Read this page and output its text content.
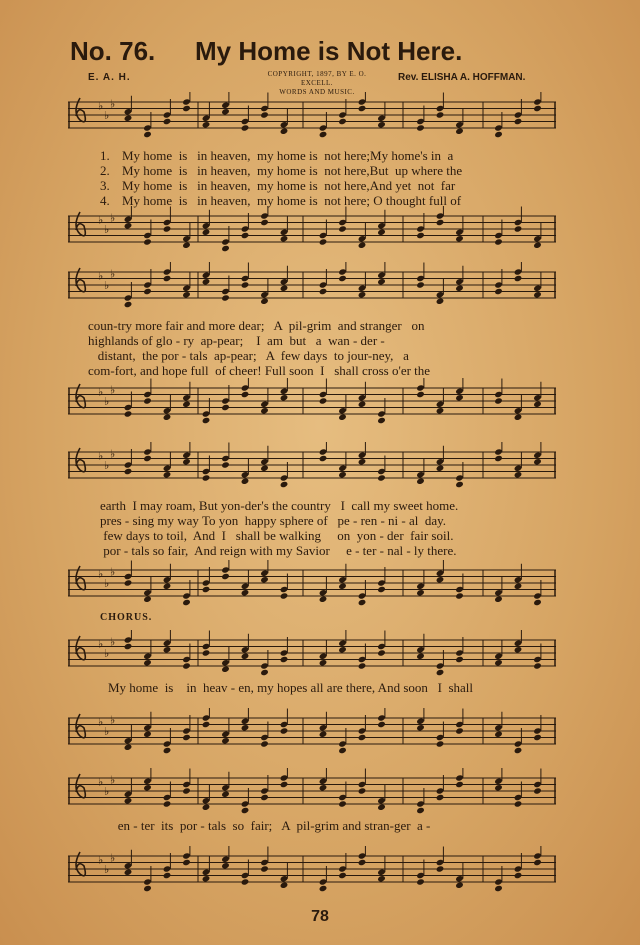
No. 76. My Home is Not Here.
E. A. H.	COPYRIGHT, 1897, BY E. O. EXCELL.
WORDS AND MUSIC.
Rev. ELISHA A. HOFFMAN.
♭
♭
♭
1. My home  is   in heaven,  my home is  not here;My home's in  a
2. My home  is   in heaven,  my home is  not here,But  up where the
3. My home  is   in heaven,  my home is  not here,And yet  not  far
4. My home  is   in heaven,  my home is  not here; O thought full of
♭
♭
♭
♭
♭
♭
coun-try more fair and more dear;   A  pil-grim  and stranger   on
highlands of glo - ry  ap-pear;    I  am  but   a  wan - der -
distant,  the por - tals  ap-pear;   A  few days  to jour-ney,   a
com-fort, and hope full  of cheer! Full soon  I   shall cross o'er the
♭
♭
♭
♭
♭
♭
earth  I may roam, But yon-der's the country   I  call my sweet home.
pres - sing my way To yon  happy sphere of   pe - ren - ni - al  day.
few days to toil,  And  I   shall be walking     on  yon - der  fair soil.
por - tals so fair,  And reign with my Savior     e - ter - nal - ly there.
♭
♭
♭
CHORUS.
♭
♭
♭
My home  is    in  heav - en, my hopes all are there, And soon   I  shall
♭
♭
♭
♭
♭
♭
en - ter  its  por - tals  so  fair;   A  pil-grim and stran-ger  a -
♭
♭
♭
78
